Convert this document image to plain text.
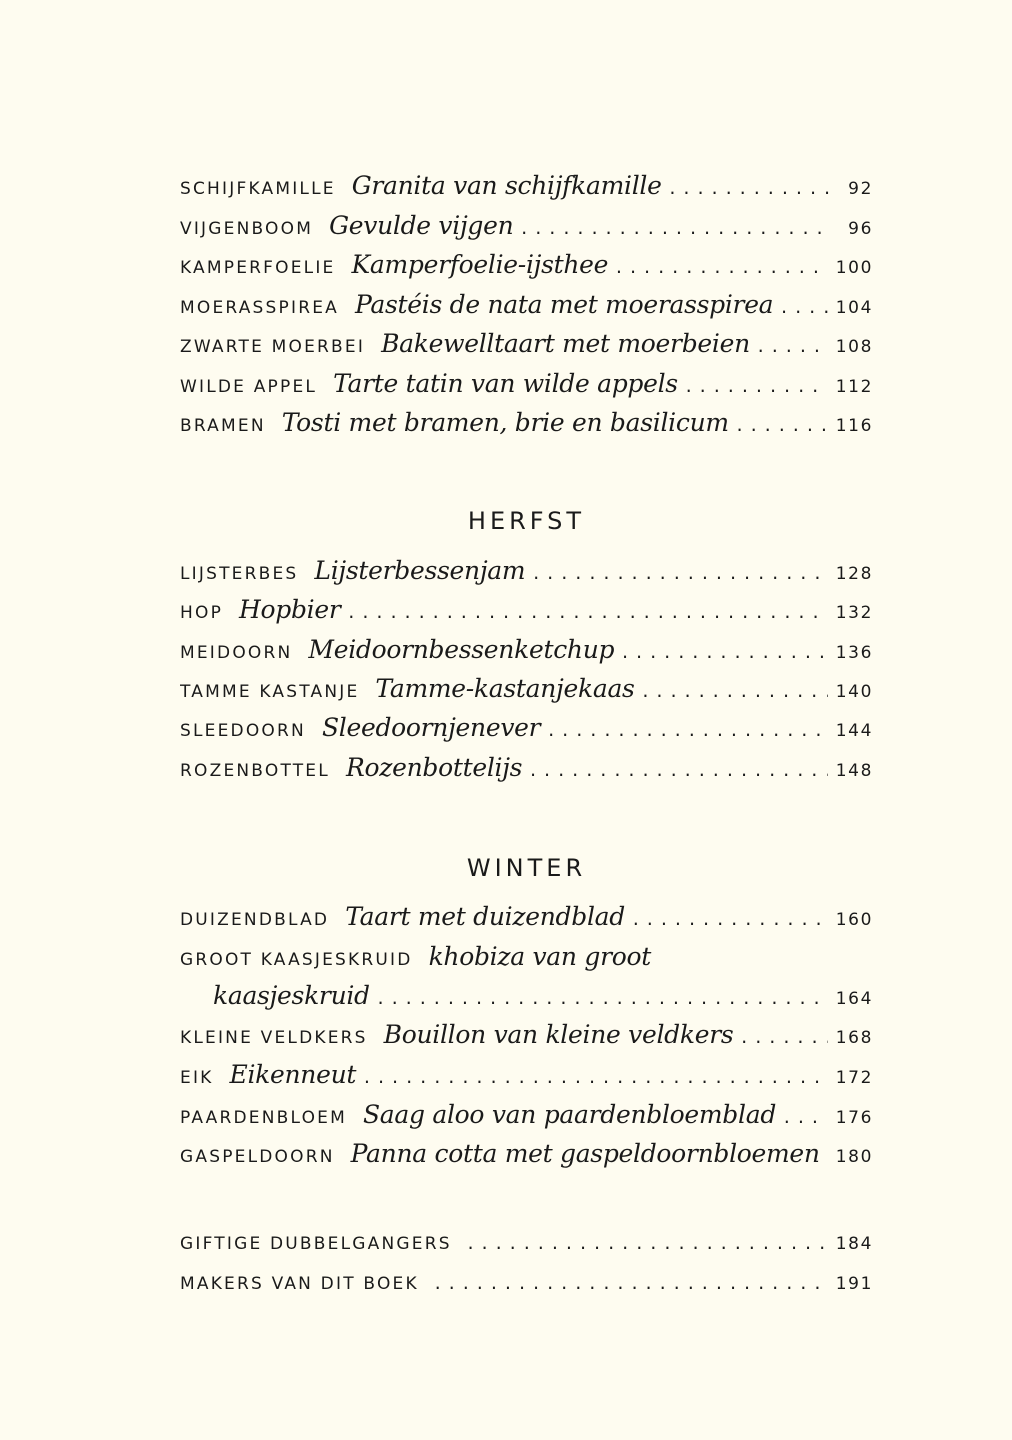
SCHIJFKAMILLE Granita van schijfkamille . . .	92
VIJGENBOOM Gevulde vijgen . . .	96
KAMPERFOELIE Kamperfoelie-ijsthee . . .	100
MOERASSPIREA Pastéis de nata met moerasspirea . . .	104
ZWARTE MOERBEI Bakewelltaart met moerbeien . . .	108
WILDE APPEL Tarte tatin van wilde appels . . .	112
BRAMEN Tosti met bramen, brie en basilicum . . .	116
HERFST
LIJSTERBES Lijsterbessenjam . . .	128
HOP Hopbier . . .	132
MEIDOORN Meidoornbessenketchup . . .	136
TAMME KASTANJE Tamme-kastanjekaas . . .	140
SLEEDOORN Sleedoornjenever . . .	144
ROZENBOTTEL Rozenbottelijs . . .	148
WINTER
DUIZENDBLAD Taart met duizendblad . . .	160
GROOT KAASJESKRUID khobiza van groot
kaasjeskruid . . .	164
KLEINE VELDKERS Bouillon van kleine veldkers . . .	168
EIK Eikenneut . . .	172
PAARDENBLOEM Saag aloo van paardenbloemblad . . .	176
GASPELDOORN Panna cotta met gaspeldoornbloemen . . . 180
GIFTIGE DUBBELGANGERS . . .	184
MAKERS VAN DIT BOEK . . .	191
